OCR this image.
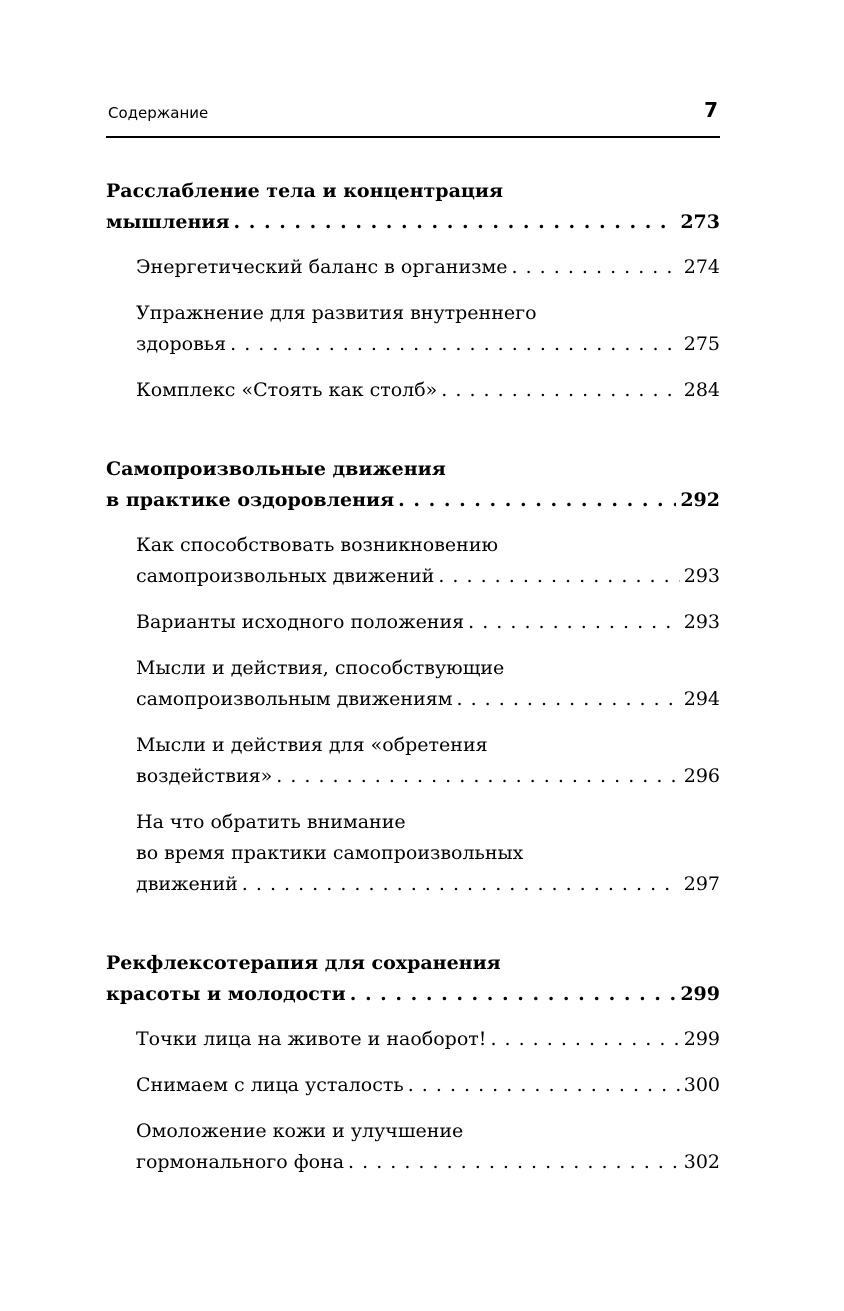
Содержание	7
Расслабление тела и концентрация
мышления . . .	273
Энергетический баланс в организме . . .	274
Упражнение для развития внутреннего
здоровья . . .	275
Комплекс «Стоять как столб» . . .	284
Самопроизвольные движения
в практике оздоровления . . .	292
Как способствовать возникновению
самопроизвольных движений . . .	293
Варианты исходного положения . . .	293
Мысли и действия, способствующие
самопроизвольным движениям . . .	294
Мысли и действия для «обретения
воздействия» . . .	296
На что обратить внимание
во время практики самопроизвольных
движений . . .	297
Рекфлексотерапия для сохранения
красоты и молодости . . .	299
Точки лица на животе и наоборот! . . .	299
Снимаем с лица усталость . . .	300
Омоложение кожи и улучшение
гормонального фона . . .	302
